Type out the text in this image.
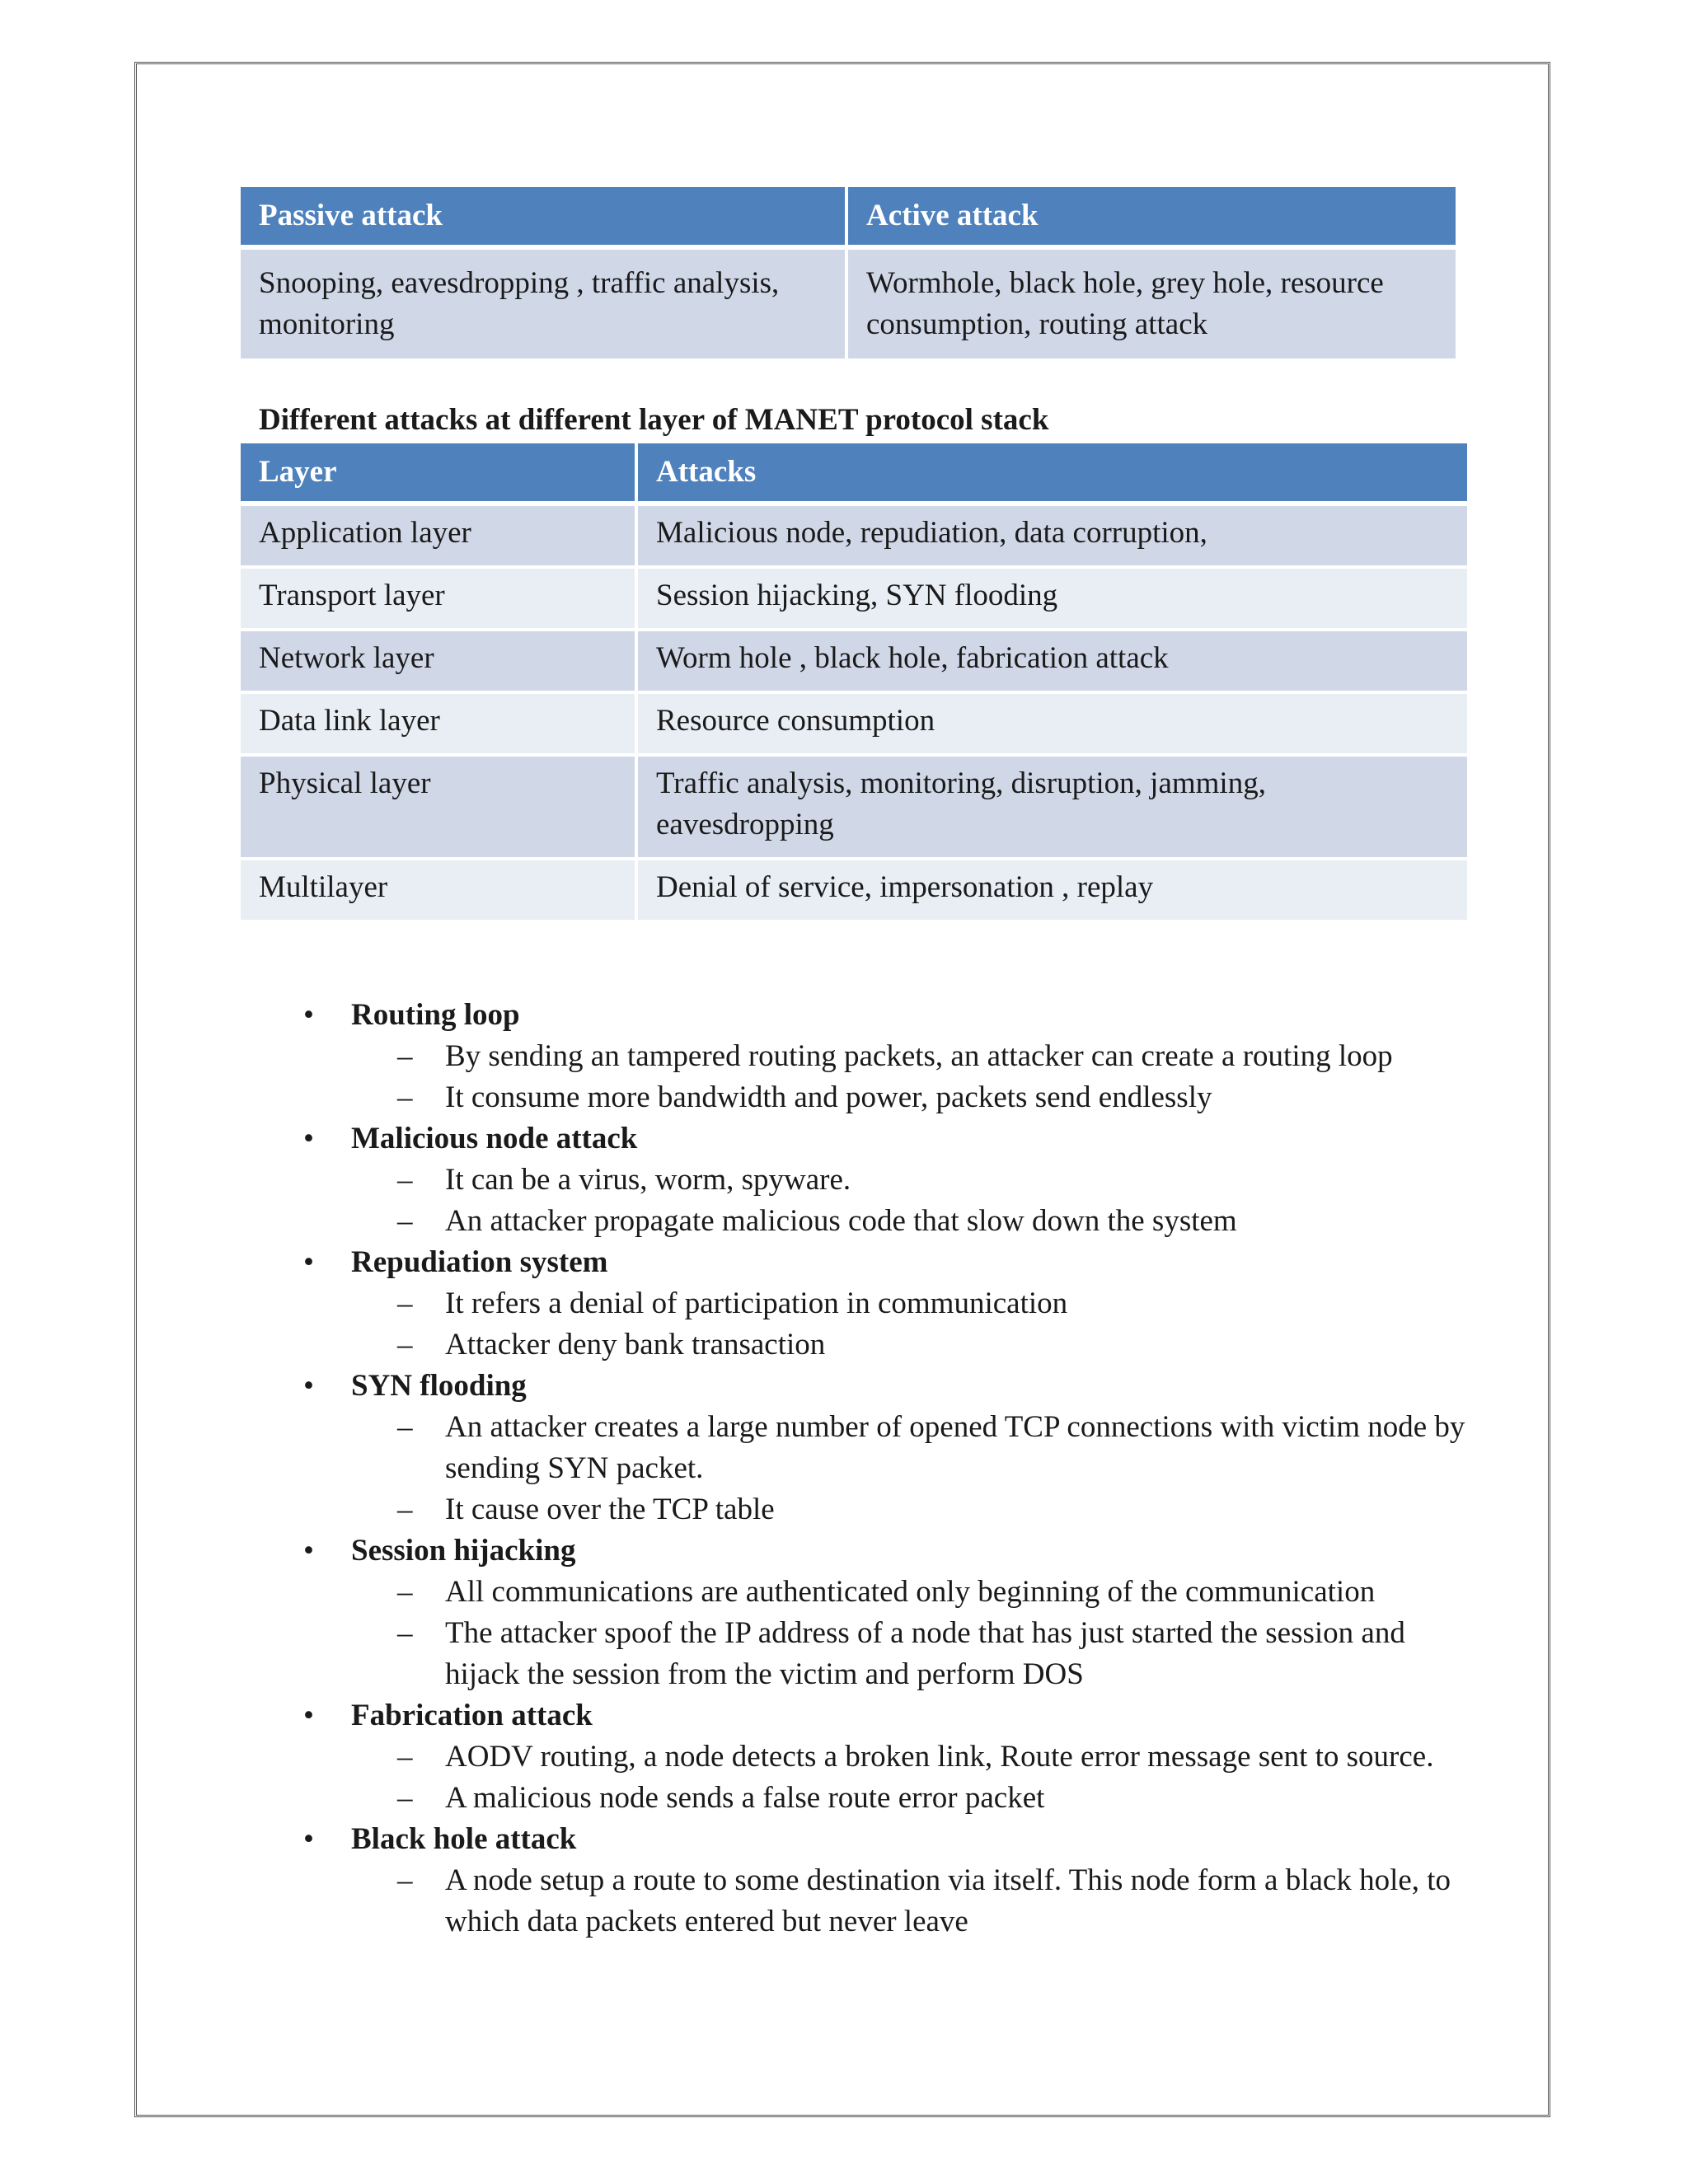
Passive attack	Active attack
Snooping, eavesdropping , traffic analysis, monitoring	Wormhole, black hole, grey hole, resource consumption, routing attack

Different attacks at different layer of MANET protocol stack

Layer	Attacks
Application layer	Malicious node, repudiation, data corruption,
Transport layer	Session hijacking, SYN flooding
Network layer	Worm hole , black hole, fabrication attack
Data link layer	Resource consumption
Physical layer	Traffic analysis, monitoring, disruption, jamming, eavesdropping
Multilayer	Denial of service, impersonation , replay
• Routing loop
– By sending an tampered routing packets, an attacker can create a routing loop
– It consume more bandwidth and power, packets send endlessly
• Malicious node attack
– It can be a virus, worm, spyware.
– An attacker propagate malicious code that slow down the system
• Repudiation system
– It refers a denial of participation in communication
– Attacker deny bank transaction
• SYN flooding
– An attacker creates a large number of opened TCP connections with victim node by sending SYN packet.
– It cause over the TCP table
• Session hijacking
– All communications are authenticated only beginning of the communication
– The attacker spoof the IP address of a node that has just started the session and hijack the session from the victim and perform DOS
• Fabrication attack
– AODV routing, a node detects a broken link, Route error message sent to source.
– A malicious node sends a false route error packet
• Black hole attack
– A node setup a route to some destination via itself. This node form a black hole, to which data packets entered but never leave
